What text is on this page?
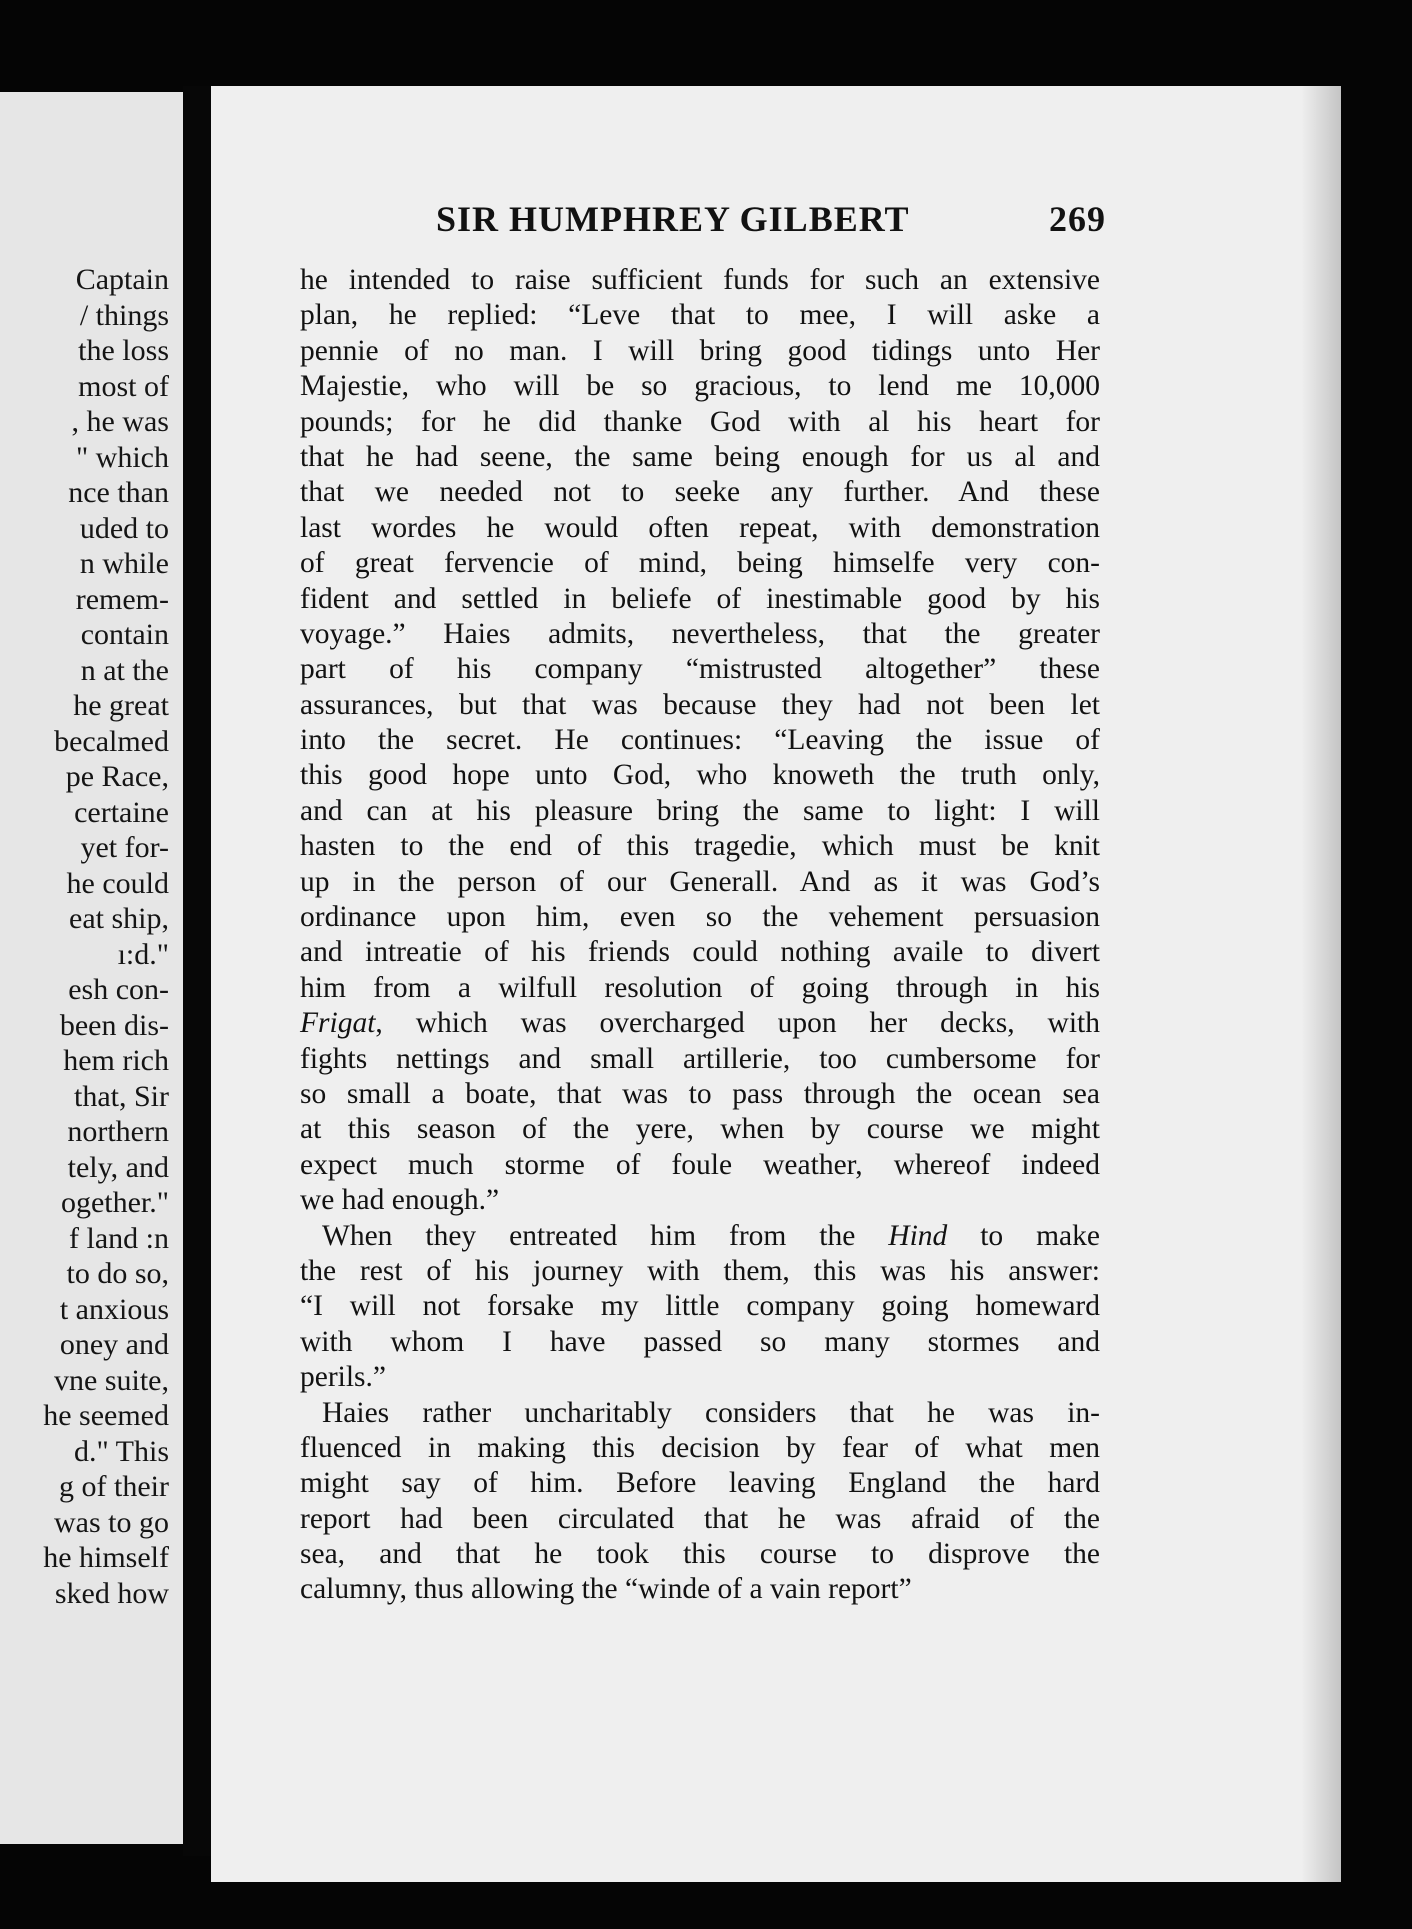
Captain
/ things
the loss
most of
, he was
" which
nce than
uded to
n while
remem-
contain
n at the
he great
becalmed
pe Race,
certaine
yet for-
he could
eat ship,
ı:d."
esh con-
been dis-
hem rich
that, Sir
northern
tely, and
ogether."
f land :n
to do so,
t anxious
oney and
vne suite,
he seemed
d." This
g of their
was to go
he himself
sked how
SIR HUMPHREY GILBERT	269
he intended to raise sufficient funds for such an extensive
plan, he replied: “Leve that to mee, I will aske a
pennie of no man. I will bring good tidings unto Her
Majestie, who will be so gracious, to lend me 10,000
pounds; for he did thanke God with al his heart for
that he had seene, the same being enough for us al and
that we needed not to seeke any further. And these
last wordes he would often repeat, with demonstration
of great fervencie of mind, being himselfe very con-
fident and settled in beliefe of inestimable good by his
voyage.” Haies admits, nevertheless, that the greater
part of his company “mistrusted altogether” these
assurances, but that was because they had not been let
into the secret. He continues: “Leaving the issue of
this good hope unto God, who knoweth the truth only,
and can at his pleasure bring the same to light: I will
hasten to the end of this tragedie, which must be knit
up in the person of our Generall. And as it was God’s
ordinance upon him, even so the vehement persuasion
and intreatie of his friends could nothing availe to divert
him from a wilfull resolution of going through in his
Frigat, which was overcharged upon her decks, with
fights nettings and small artillerie, too cumbersome for
so small a boate, that was to pass through the ocean sea
at this season of the yere, when by course we might
expect much storme of foule weather, whereof indeed
we had enough.”
When they entreated him from the Hind to make
the rest of his journey with them, this was his answer:
“I will not forsake my little company going homeward
with whom I have passed so many stormes and
perils.”
Haies rather uncharitably considers that he was in-
fluenced in making this decision by fear of what men
might say of him. Before leaving England the hard
report had been circulated that he was afraid of the
sea, and that he took this course to disprove the
calumny, thus allowing the “winde of a vain report”
